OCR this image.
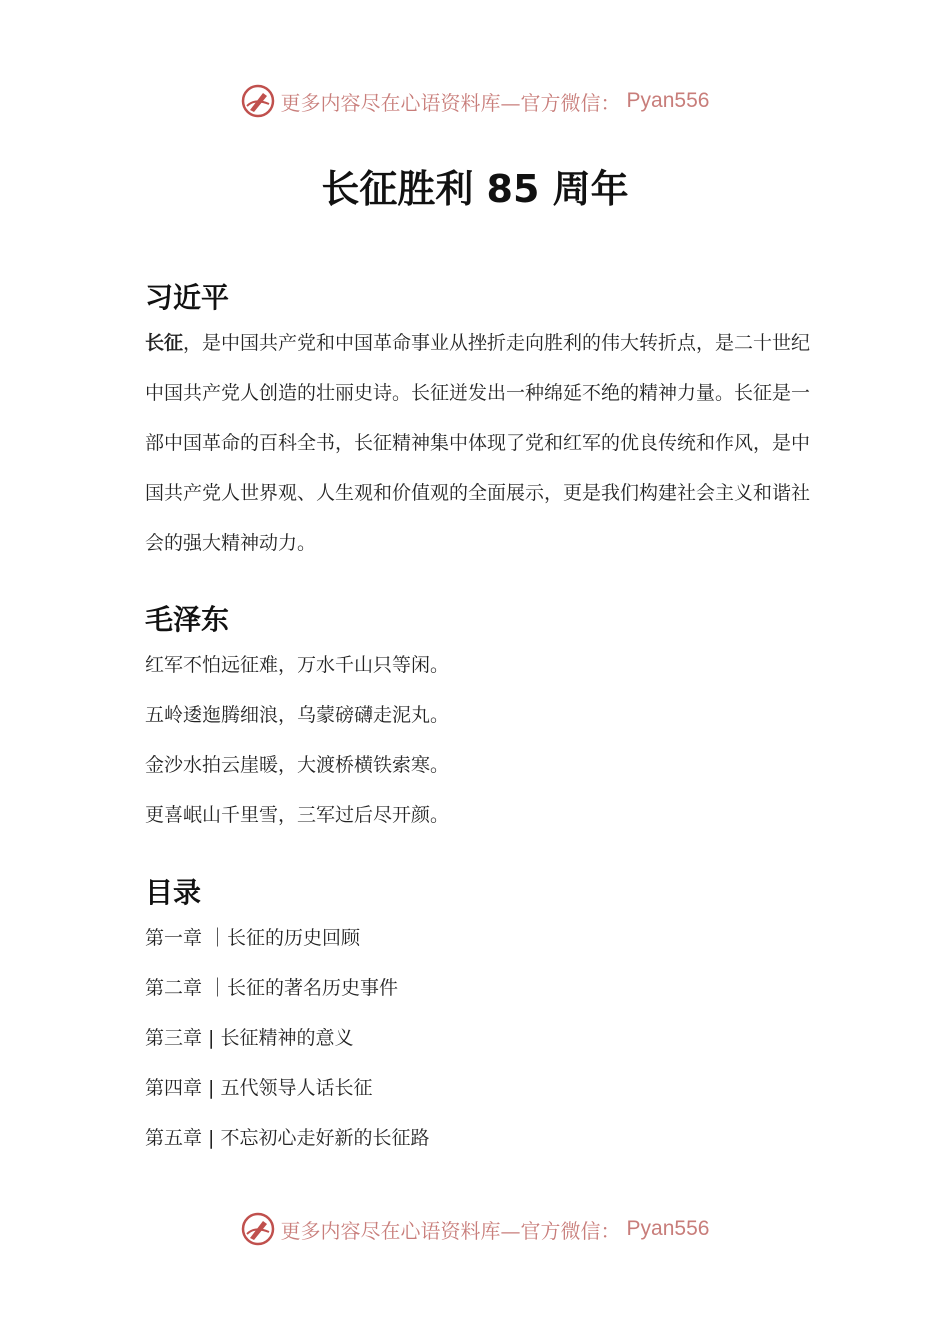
更多内容尽在心语资料库—官方微信： Pyan556
长征胜利 85 周年
习近平

长征，是中国共产党和中国革命事业从挫折走向胜利的伟大转折点，是二十世纪中国共产党人创造的壮丽史诗。长征迸发出一种绵延不绝的精神力量。长征是一部中国革命的百科全书，长征精神集中体现了党和红军的优良传统和作风，是中国共产党人世界观、人生观和价值观的全面展示，更是我们构建社会主义和谐社会的强大精神动力。

毛泽东

红军不怕远征难，万水千山只等闲。

五岭逶迤腾细浪，乌蒙磅礴走泥丸。

金沙水拍云崖暖，大渡桥横铁索寒。

更喜岷山千里雪，三军过后尽开颜。

目录

第一章 ｜长征的历史回顾

第二章 ｜长征的著名历史事件

第三章 | 长征精神的意义

第四章 | 五代领导人话长征

第五章 | 不忘初心走好新的长征路

更多内容尽在心语资料库—官方微信： Pyan556
